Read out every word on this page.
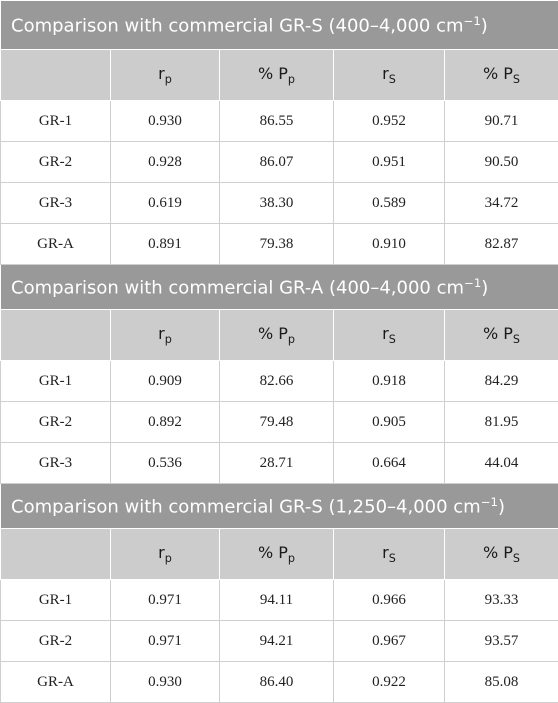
Comparison with commercial GR-S (400–4,000 $cm^{-1}$)				
	$r_p$	% $P_p$	$r_S$	% $P_S$
GR-1	0.930	86.55	0.952	90.71
GR-2	0.928	86.07	0.951	90.50
GR-3	0.619	38.30	0.589	34.72
GR-A	0.891	79.38	0.910	82.87
Comparison with commercial GR-A (400–4,000 $cm^{-1}$)				
	$r_p$	% $P_p$	$r_S$	% $P_S$
GR-1	0.909	82.66	0.918	84.29
GR-2	0.892	79.48	0.905	81.95
GR-3	0.536	28.71	0.664	44.04
Comparison with commercial GR-S (1,250–4,000 $cm^{-1}$)				
	$r_p$	% $P_p$	$r_S$	% $P_S$
GR-1	0.971	94.11	0.966	93.33
GR-2	0.971	94.21	0.967	93.57
GR-A	0.930	86.40	0.922	85.08
